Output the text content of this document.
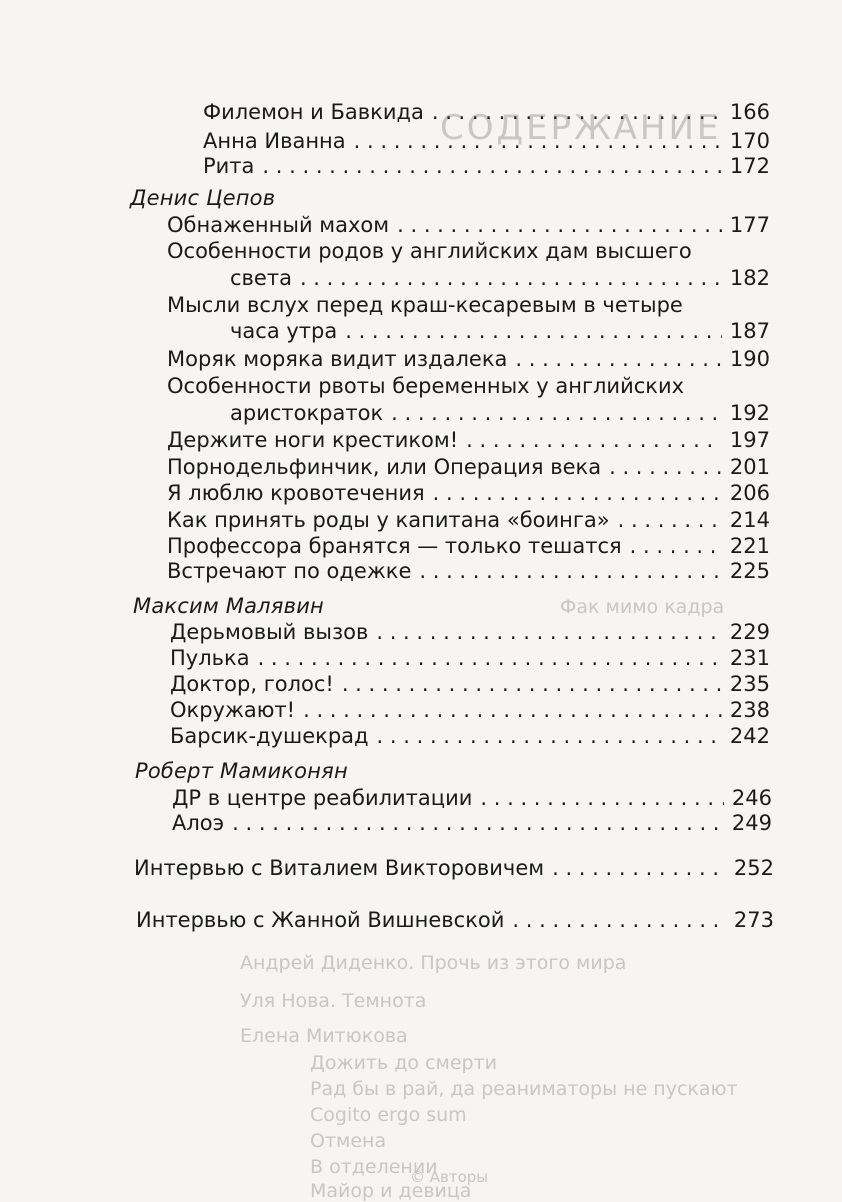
СОДЕРЖАНИЕ
Андрей Диденко. Прочь из этого мира
Уля Нова. Темнота
Елена Митюкова
Дожить до смерти
Рад бы в рай, да реаниматоры не пускают
Cogito ergo sum
Отмена
В отделении
Майор и девица
Фак мимо кадра
© Авторы
Филемон и Бавкида . . .	166
Анна Иванна . . .	170
Рита . . .	172
Денис Цепов
Обнаженный махом . . .	177
Особенности родов у английских дам высшего
света . . .	182
Мысли вслух перед краш-кесаревым в четыре
часа утра . . .	187
Моряк моряка видит издалека . . .	190
Особенности рвоты беременных у английских
аристократок . . .	192
Держите ноги крестиком! . . .	197
Порнодельфинчик, или Операция века . . .	201
Я люблю кровотечения . . .	206
Как принять роды у капитана «боинга» . . .	214
Профессора бранятся — только тешатся . . .	221
Встречают по одежке . . .	225
Максим Малявин
Дерьмовый вызов . . .	229
Пулька . . .	231
Доктор, голос! . . .	235
Окружают! . . .	238
Барсик-душекрад . . .	242
Роберт Мамиконян
ДР в центре реабилитации . . .	246
Алоэ . . .	249
Интервью с Виталием Викторовичем . . .	252
Интервью с Жанной Вишневской . . .	273
